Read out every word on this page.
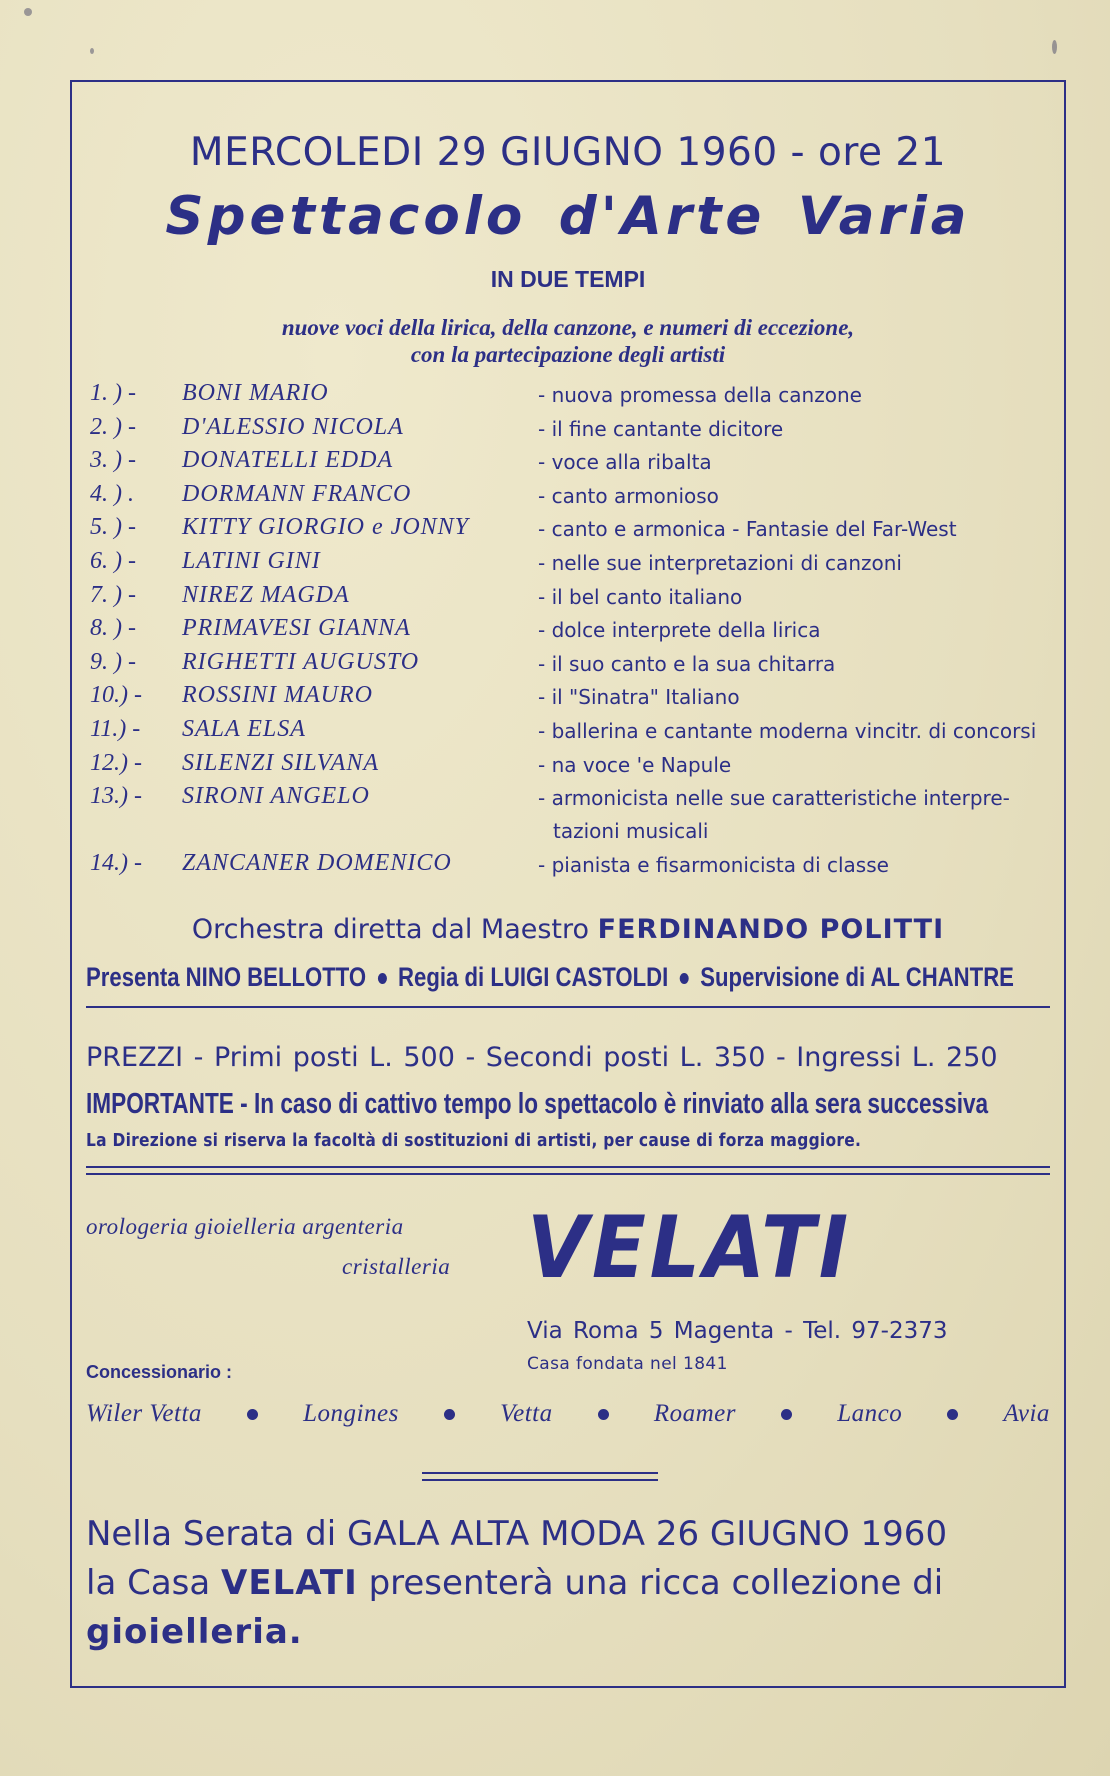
MERCOLEDI 29 GIUGNO 1960 - ore 21
Spettacolo d'Arte Varia
IN DUE TEMPI
nuove voci della lirica, della canzone, e numeri di eccezione,
con la partecipazione degli artisti
1. ) -	BONI MARIO	- nuova promessa della canzone
2. ) -	D'ALESSIO NICOLA	- il fine cantante dicitore
3. ) -	DONATELLI EDDA	- voce alla ribalta
4. ) .	DORMANN FRANCO	- canto armonioso
5. ) -	KITTY GIORGIO e JONNY	- canto e armonica - Fantasie del Far-West
6. ) -	LATINI GINI	- nelle sue interpretazioni di canzoni
7. ) -	NIREZ MAGDA	- il bel canto italiano
8. ) -	PRIMAVESI GIANNA	- dolce interprete della lirica
9. ) -	RIGHETTI AUGUSTO	- il suo canto e la sua chitarra
10.) -	ROSSINI MAURO	- il "Sinatra" Italiano
11.) -	SALA ELSA	- ballerina e cantante moderna vincitr. di concorsi
12.) -	SILENZI SILVANA	- na voce 'e Napule
13.) -	SIRONI ANGELO	- armonicista nelle sue caratteristiche interpre-
tazioni musicali
14.) -	ZANCANER DOMENICO	- pianista e fisarmonicista di classe
Orchestra diretta dal Maestro FERDINANDO POLITTI
Presenta NINO BELLOTTO Regia di LUIGI CASTOLDI Supervisione di AL CHANTRE
PREZZI - Primi posti L. 500 - Secondi posti L. 350 - Ingressi L. 250
IMPORTANTE - In caso di cattivo tempo lo spettacolo è rinviato alla sera successiva
La Direzione si riserva la facoltà di sostituzioni di artisti, per cause di forza maggiore.
orologeria gioielleria argenteria
cristalleria VELATI
Via Roma 5 Magenta - Tel. 97-2373
Casa fondata nel 1841
Concessionario :
Wiler Vetta	Longines	Vetta	Roamer	Lanco	Avia
Nella Serata di GALA ALTA MODA 26 GIUGNO 1960
la Casa VELATI presenterà una ricca collezione di
gioielleria.
